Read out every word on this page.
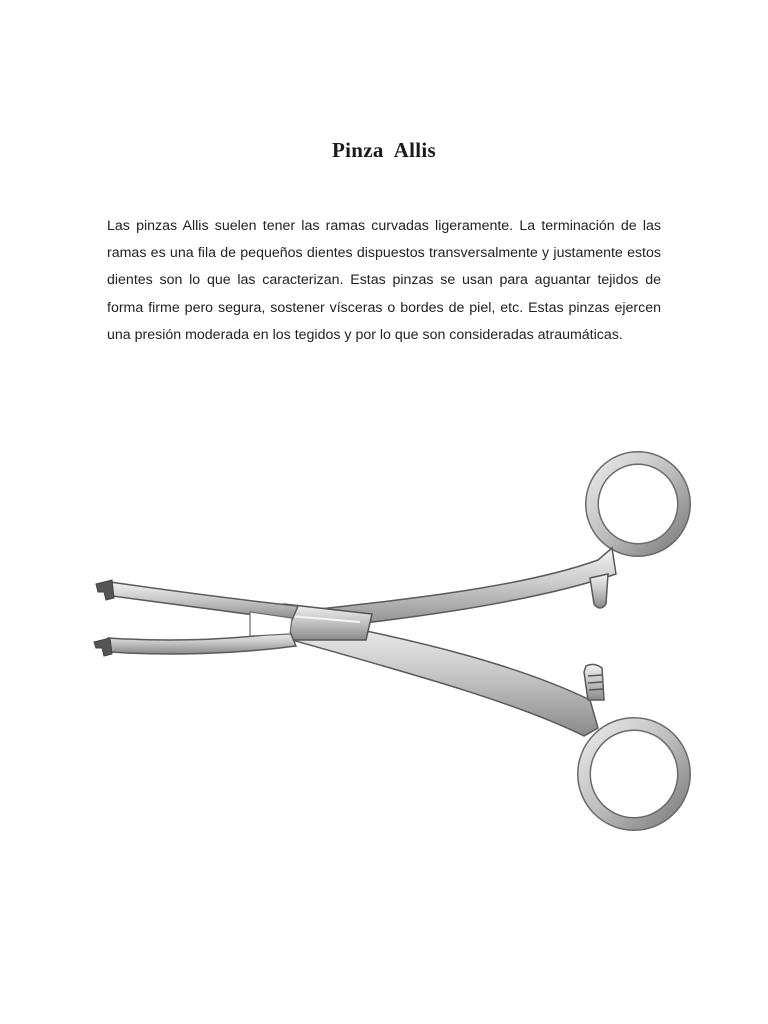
Pinza  Allis

Las pinzas Allis suelen tener las ramas curvadas ligeramente. La terminación de las ramas es una fila de pequeños dientes dispuestos transversalmente y justamente estos dientes son lo que las caracterizan. Estas pinzas se usan para aguantar tejidos de forma firme pero segura, sostener vísceras o bordes de piel, etc. Estas pinzas ejercen una presión moderada en los tegidos y por lo que son consideradas atraumáticas.
